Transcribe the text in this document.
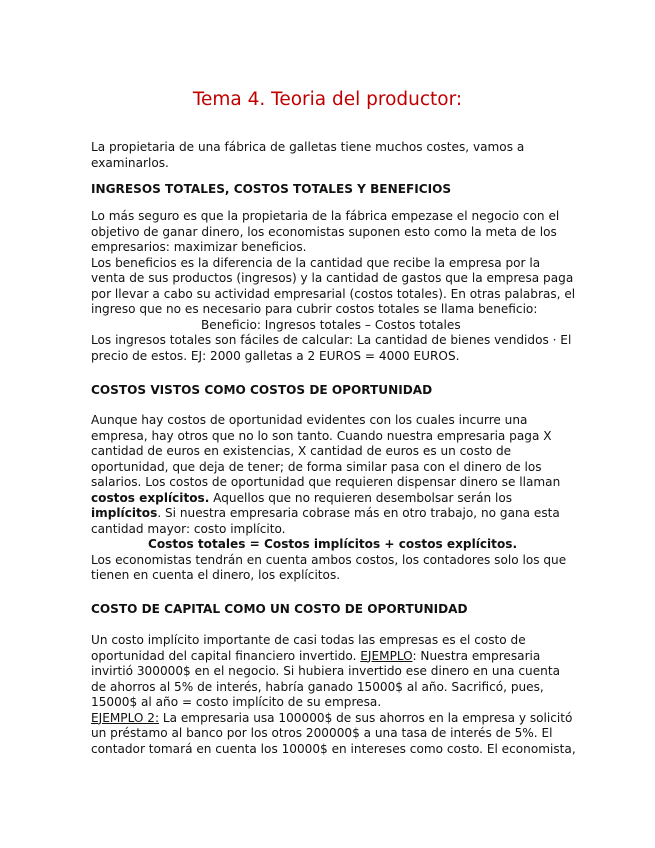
Tema 4. Teoria del productor:
La propietaria de una fábrica de galletas tiene muchos costes, vamos a
examinarlos.
INGRESOS TOTALES, COSTOS TOTALES Y BENEFICIOS
Lo más seguro es que la propietaria de la fábrica empezase el negocio con el
objetivo de ganar dinero, los economistas suponen esto como la meta de los
empresarios: maximizar beneficios.
Los beneficios es la diferencia de la cantidad que recibe la empresa por la
venta de sus productos (ingresos) y la cantidad de gastos que la empresa paga
por llevar a cabo su actividad empresarial (costos totales). En otras palabras, el
ingreso que no es necesario para cubrir costos totales se llama beneficio:
Beneficio: Ingresos totales – Costos totales
Los ingresos totales son fáciles de calcular: La cantidad de bienes vendidos · El
precio de estos. EJ: 2000 galletas a 2 EUROS = 4000 EUROS.
COSTOS VISTOS COMO COSTOS DE OPORTUNIDAD
Aunque hay costos de oportunidad evidentes con los cuales incurre una
empresa, hay otros que no lo son tanto. Cuando nuestra empresaria paga X
cantidad de euros en existencias, X cantidad de euros es un costo de
oportunidad, que deja de tener; de forma similar pasa con el dinero de los
salarios. Los costos de oportunidad que requieren dispensar dinero se llaman
costos explícitos. Aquellos que no requieren desembolsar serán los
implícitos. Si nuestra empresaria cobrase más en otro trabajo, no gana esta
cantidad mayor: costo implícito.
Costos totales = Costos implícitos + costos explícitos.
Los economistas tendrán en cuenta ambos costos, los contadores solo los que
tienen en cuenta el dinero, los explícitos.
COSTO DE CAPITAL COMO UN COSTO DE OPORTUNIDAD
Un costo implícito importante de casi todas las empresas es el costo de
oportunidad del capital financiero invertido. EJEMPLO: Nuestra empresaria
invirtió 300000$ en el negocio. Si hubiera invertido ese dinero en una cuenta
de ahorros al 5% de interés, habría ganado 15000$ al año. Sacrificó, pues,
15000$ al año = costo implícito de su empresa.
EJEMPLO 2: La empresaria usa 100000$ de sus ahorros en la empresa y solicitó
un préstamo al banco por los otros 200000$ a una tasa de interés de 5%. El
contador tomará en cuenta los 10000$ en intereses como costo. El economista,
